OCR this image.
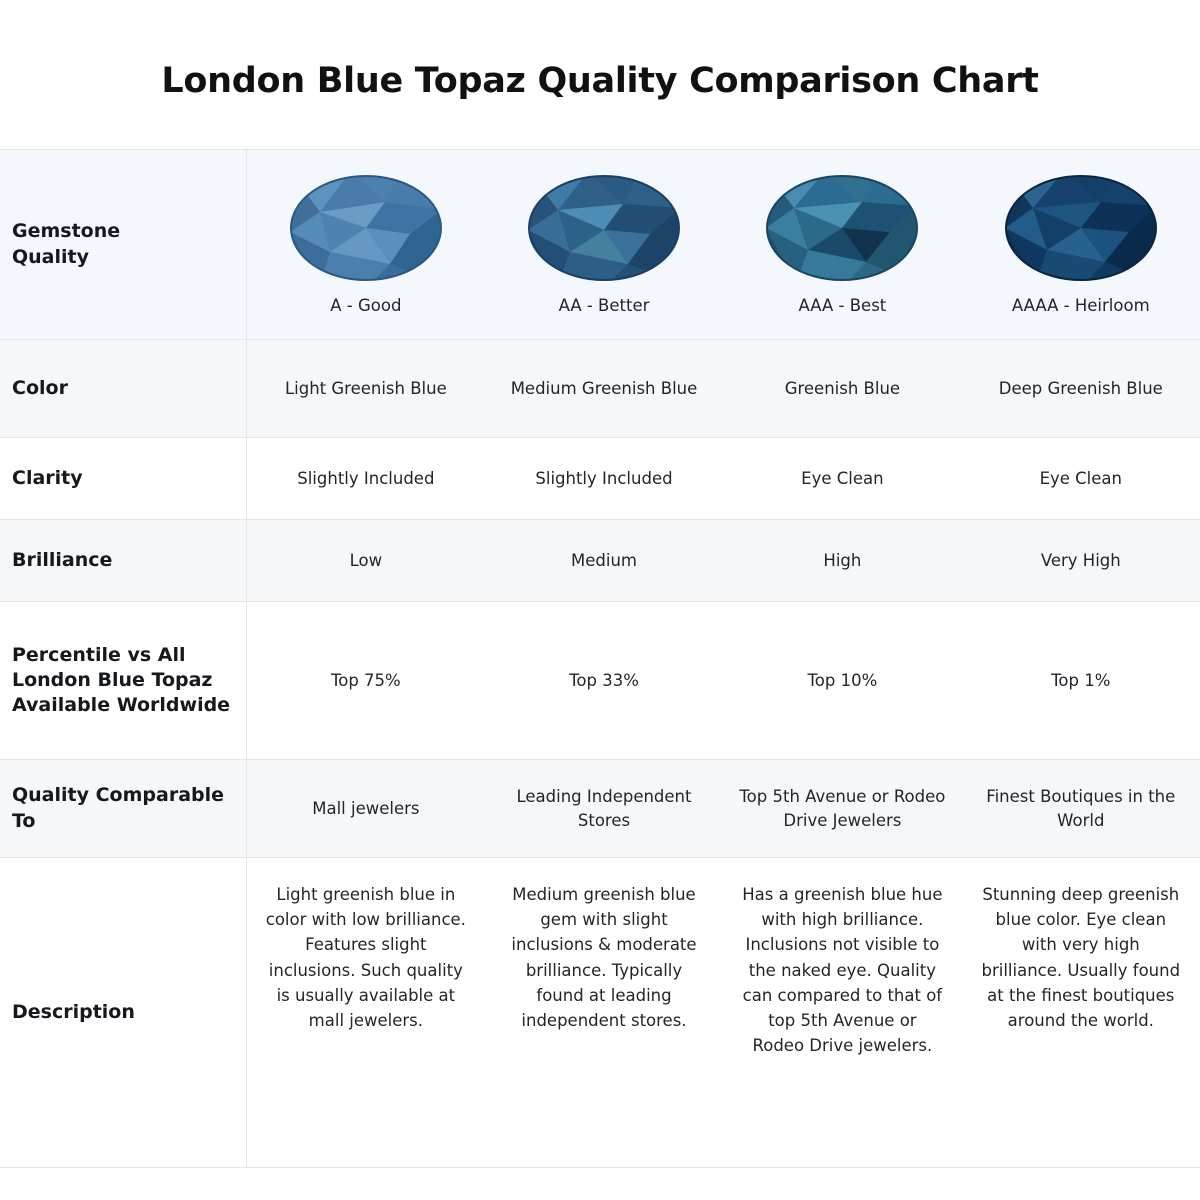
London Blue Topaz Quality Comparison Chart
Gemstone
Quality	A - Good	AA - Better	AAA - Best	AAAA - Heirloom

Color	Light Greenish Blue	Medium Greenish Blue	Greenish Blue	Deep Greenish Blue
Clarity	Slightly Included	Slightly Included	Eye Clean	Eye Clean
Brilliance	Low	Medium	High	Very High
Percentile vs All London Blue Topaz Available Worldwide	Top 75%	Top 33%	Top 10%	Top 1%
Quality Comparable To	Mall jewelers	Leading Independent Stores	Top 5th Avenue or Rodeo Drive Jewelers	Finest Boutiques in the World
Description	Light greenish blue in color with low brilliance. Features slight inclusions. Such quality is usually available at mall jewelers.	Medium greenish blue gem with slight inclusions & moderate brilliance. Typically found at leading independent stores.	Has a greenish blue hue with high brilliance. Inclusions not visible to the naked eye. Quality can compared to that of top 5th Avenue or Rodeo Drive jewelers.	Stunning deep greenish blue color. Eye clean with very high brilliance. Usually found at the finest boutiques around the world.
